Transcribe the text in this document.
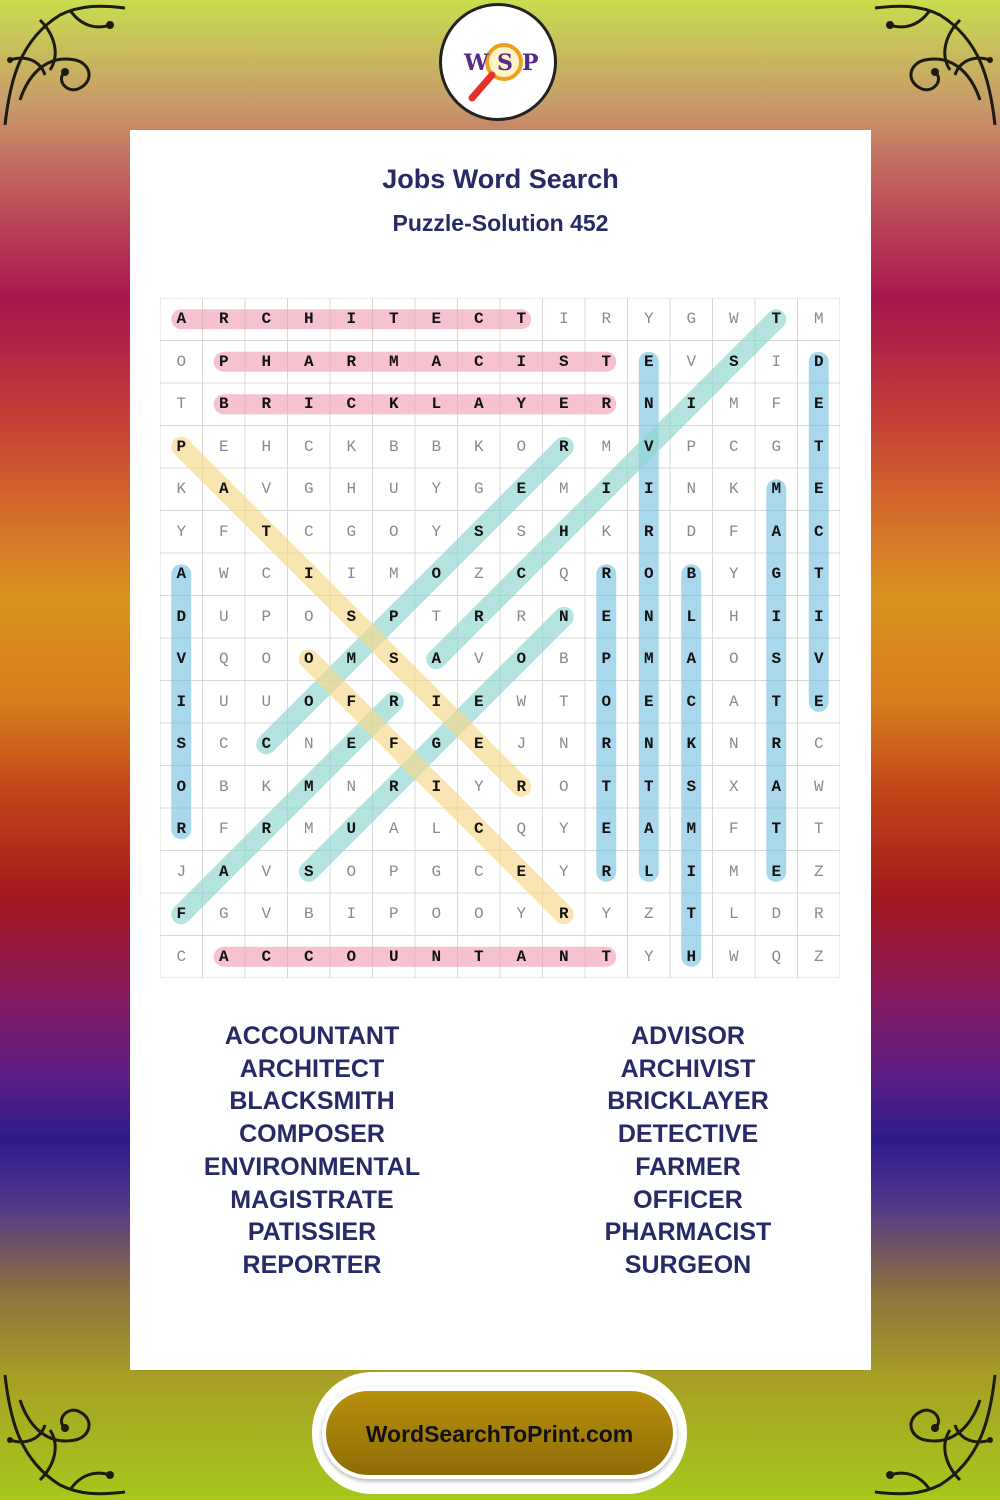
W S P
Jobs Word Search
Puzzle-Solution 452
A	R	C	H	I	T	E	C	T	I	R	Y	G	W	T	M
O	P	H	A	R	M	A	C	I	S	T	E	V	S	I	D
T	B	R	I	C	K	L	A	Y	E	R	N	I	M	F	E
P	E	H	C	K	B	B	K	O	R	M	V	P	C	G	T
K	A	V	G	H	U	Y	G	E	M	I	I	N	K	M	E
Y	F	T	C	G	O	Y	S	S	H	K	R	D	F	A	C
A	W	C	I	I	M	O	Z	C	Q	R	O	B	Y	G	T
D	U	P	O	S	P	T	R	R	N	E	N	L	H	I	I
V	Q	O	O	M	S	A	V	O	B	P	M	A	O	S	V
I	U	U	O	F	R	I	E	W	T	O	E	C	A	T	E
S	C	C	N	E	F	G	E	J	N	R	N	K	N	R	C
O	B	K	M	N	R	I	Y	R	O	T	T	S	X	A	W
R	F	R	M	U	A	L	C	Q	Y	E	A	M	F	T	T
J	A	V	S	O	P	G	C	E	Y	R	L	I	M	E	Z
F	G	V	B	I	P	O	O	Y	R	Y	Z	T	L	D	R
C	A	C	C	O	U	N	T	A	N	T	Y	H	W	Q	Z
ACCOUNTANT
ARCHITECT
BLACKSMITH
COMPOSER
ENVIRONMENTAL
MAGISTRATE
PATISSIER
REPORTER
ADVISOR
ARCHIVIST
BRICKLAYER
DETECTIVE
FARMER
OFFICER
PHARMACIST
SURGEON
WordSearchToPrint.com
